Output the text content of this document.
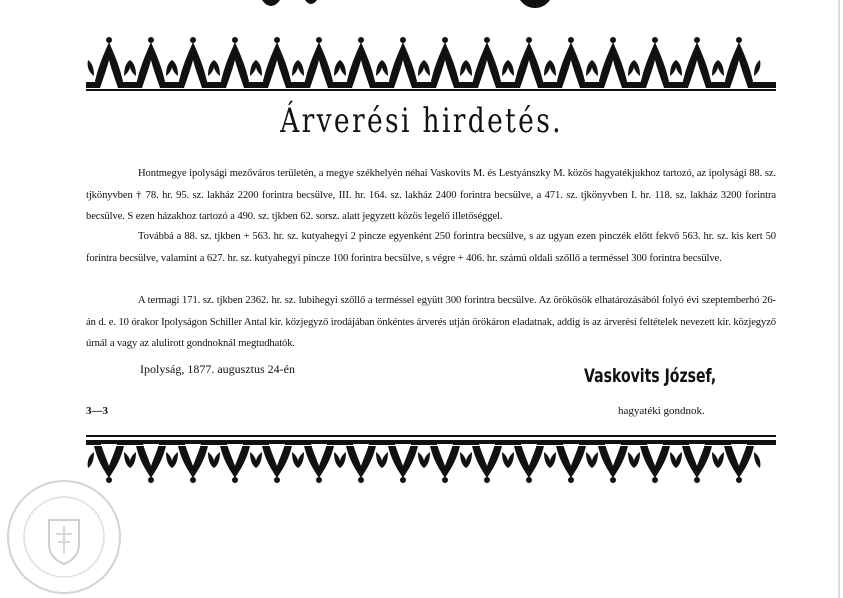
Árverési hirdetés.
Hontmegye ipolysági mezőváros területén, a megye székhelyén néhai Vaskovits M. és Lestyánszky M. közös hagyatékjukhoz tartozó, az ipolysági 88. sz. tjkönyvben † 78. hr. 95. sz. lakház 2200 forintra becsülve, III. hr. 164. sz. lakház 2400 forintra becsülve, a 471. sz. tjkönyvben I. hr. 118. sz. lakház 3200 forintra becsülve. S ezen házakhoz tartozó a 490. sz. tjkben 62. sorsz. alatt jegyzett közös legelő illetőséggel.
Továbbá a 88. sz. tjkben + 563. hr. sz. kutyahegyi 2 pincze egyenként 250 forintra becsülve, s az ugyan ezen pinczék előtt fekvő 563. hr. sz. kis kert 50 forintra becsülve, valamint a 627. hr. sz. kutyahegyi pincze 100 forintra becsülve, s végre + 406. hr. számú oldali szőllő a terméssel 300 forintra becsülve.
A termagi 171. sz. tjkben 2362. hr. sz. lubihegyi szőllő a terméssel együtt 300 forintra becsülve. Az örökösök elhatározásából folyó évi szeptemberhó 26-án d. e. 10 órakor Ipolyságon Schiller Antal kir. közjegyző irodájában önkéntes árverés utján örökáron eladatnak, addig is az árverési feltételek nevezett kir. közjegyző úrnál a vagy az alulirott gondnoknál megtudhatók.
Ipolyság, 1877. augusztus 24-én	Vaskovits József,
3—3	hagyatéki gondnok.
